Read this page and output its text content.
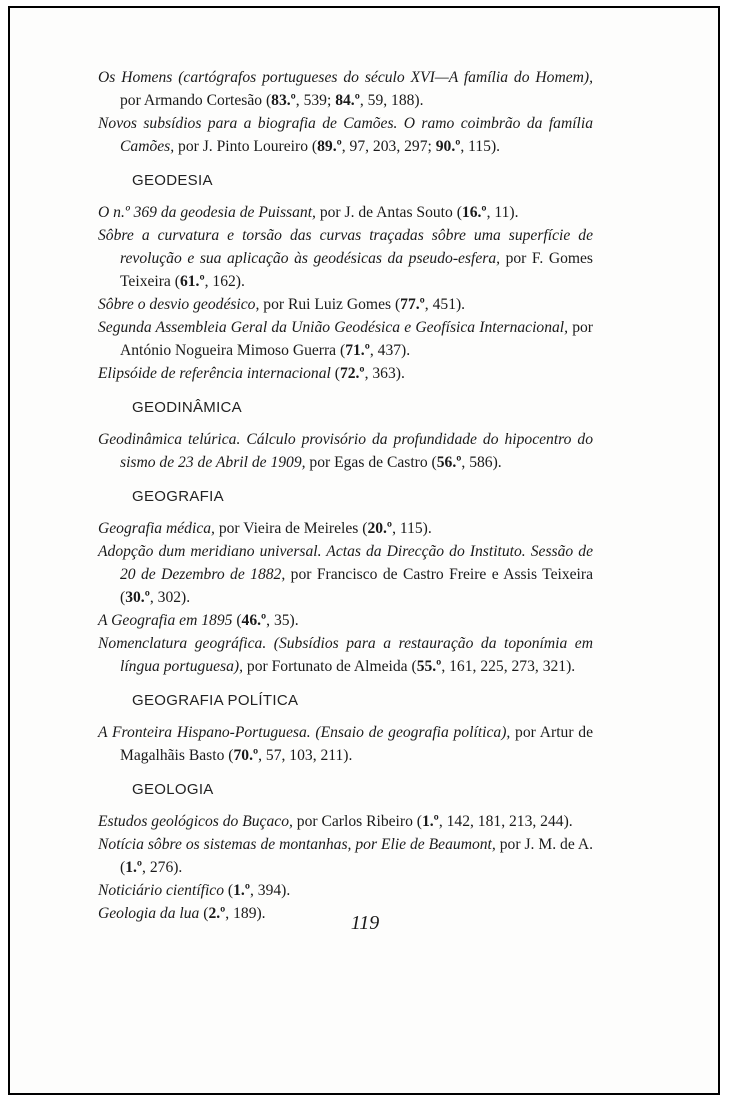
Os Homens (cartógrafos portugueses do século XVI—A família do Homem), por Armando Cortesão (83.º, 539; 84.º, 59, 188).

Novos subsídios para a biografia de Camões. O ramo coimbrão da família Camões, por J. Pinto Loureiro (89.º, 97, 203, 297; 90.º, 115).

GEODESIA

O n.º 369 da geodesia de Puissant, por J. de Antas Souto (16.º, 11).

Sôbre a curvatura e torsão das curvas traçadas sôbre uma superfície de revolução e sua aplicação às geodésicas da pseudo-esfera, por F. Gomes Teixeira (61.º, 162).

Sôbre o desvio geodésico, por Rui Luiz Gomes (77.º, 451).

Segunda Assembleia Geral da União Geodésica e Geofísica Internacional, por António Nogueira Mimoso Guerra (71.º, 437).

Elipsóide de referência internacional (72.º, 363).

GEODINÂMICA

Geodinâmica telúrica. Cálculo provisório da profundidade do hipocentro do sismo de 23 de Abril de 1909, por Egas de Castro (56.º, 586).

GEOGRAFIA

Geografia médica, por Vieira de Meireles (20.º, 115).

Adopção dum meridiano universal. Actas da Direcção do Instituto. Sessão de 20 de Dezembro de 1882, por Francisco de Castro Freire e Assis Teixeira (30.º, 302).

A Geografia em 1895 (46.º, 35).

Nomenclatura geográfica. (Subsídios para a restauração da toponímia em língua portuguesa), por Fortunato de Almeida (55.º, 161, 225, 273, 321).

GEOGRAFIA POLÍTICA

A Fronteira Hispano-Portuguesa. (Ensaio de geografia política), por Artur de Magalhãis Basto (70.º, 57, 103, 211).

GEOLOGIA

Estudos geológicos do Buçaco, por Carlos Ribeiro (1.º, 142, 181, 213, 244).

Notícia sôbre os sistemas de montanhas, por Elie de Beaumont, por J. M. de A. (1.º, 276).

Noticiário científico (1.º, 394).

Geologia da lua (2.º, 189).	119
